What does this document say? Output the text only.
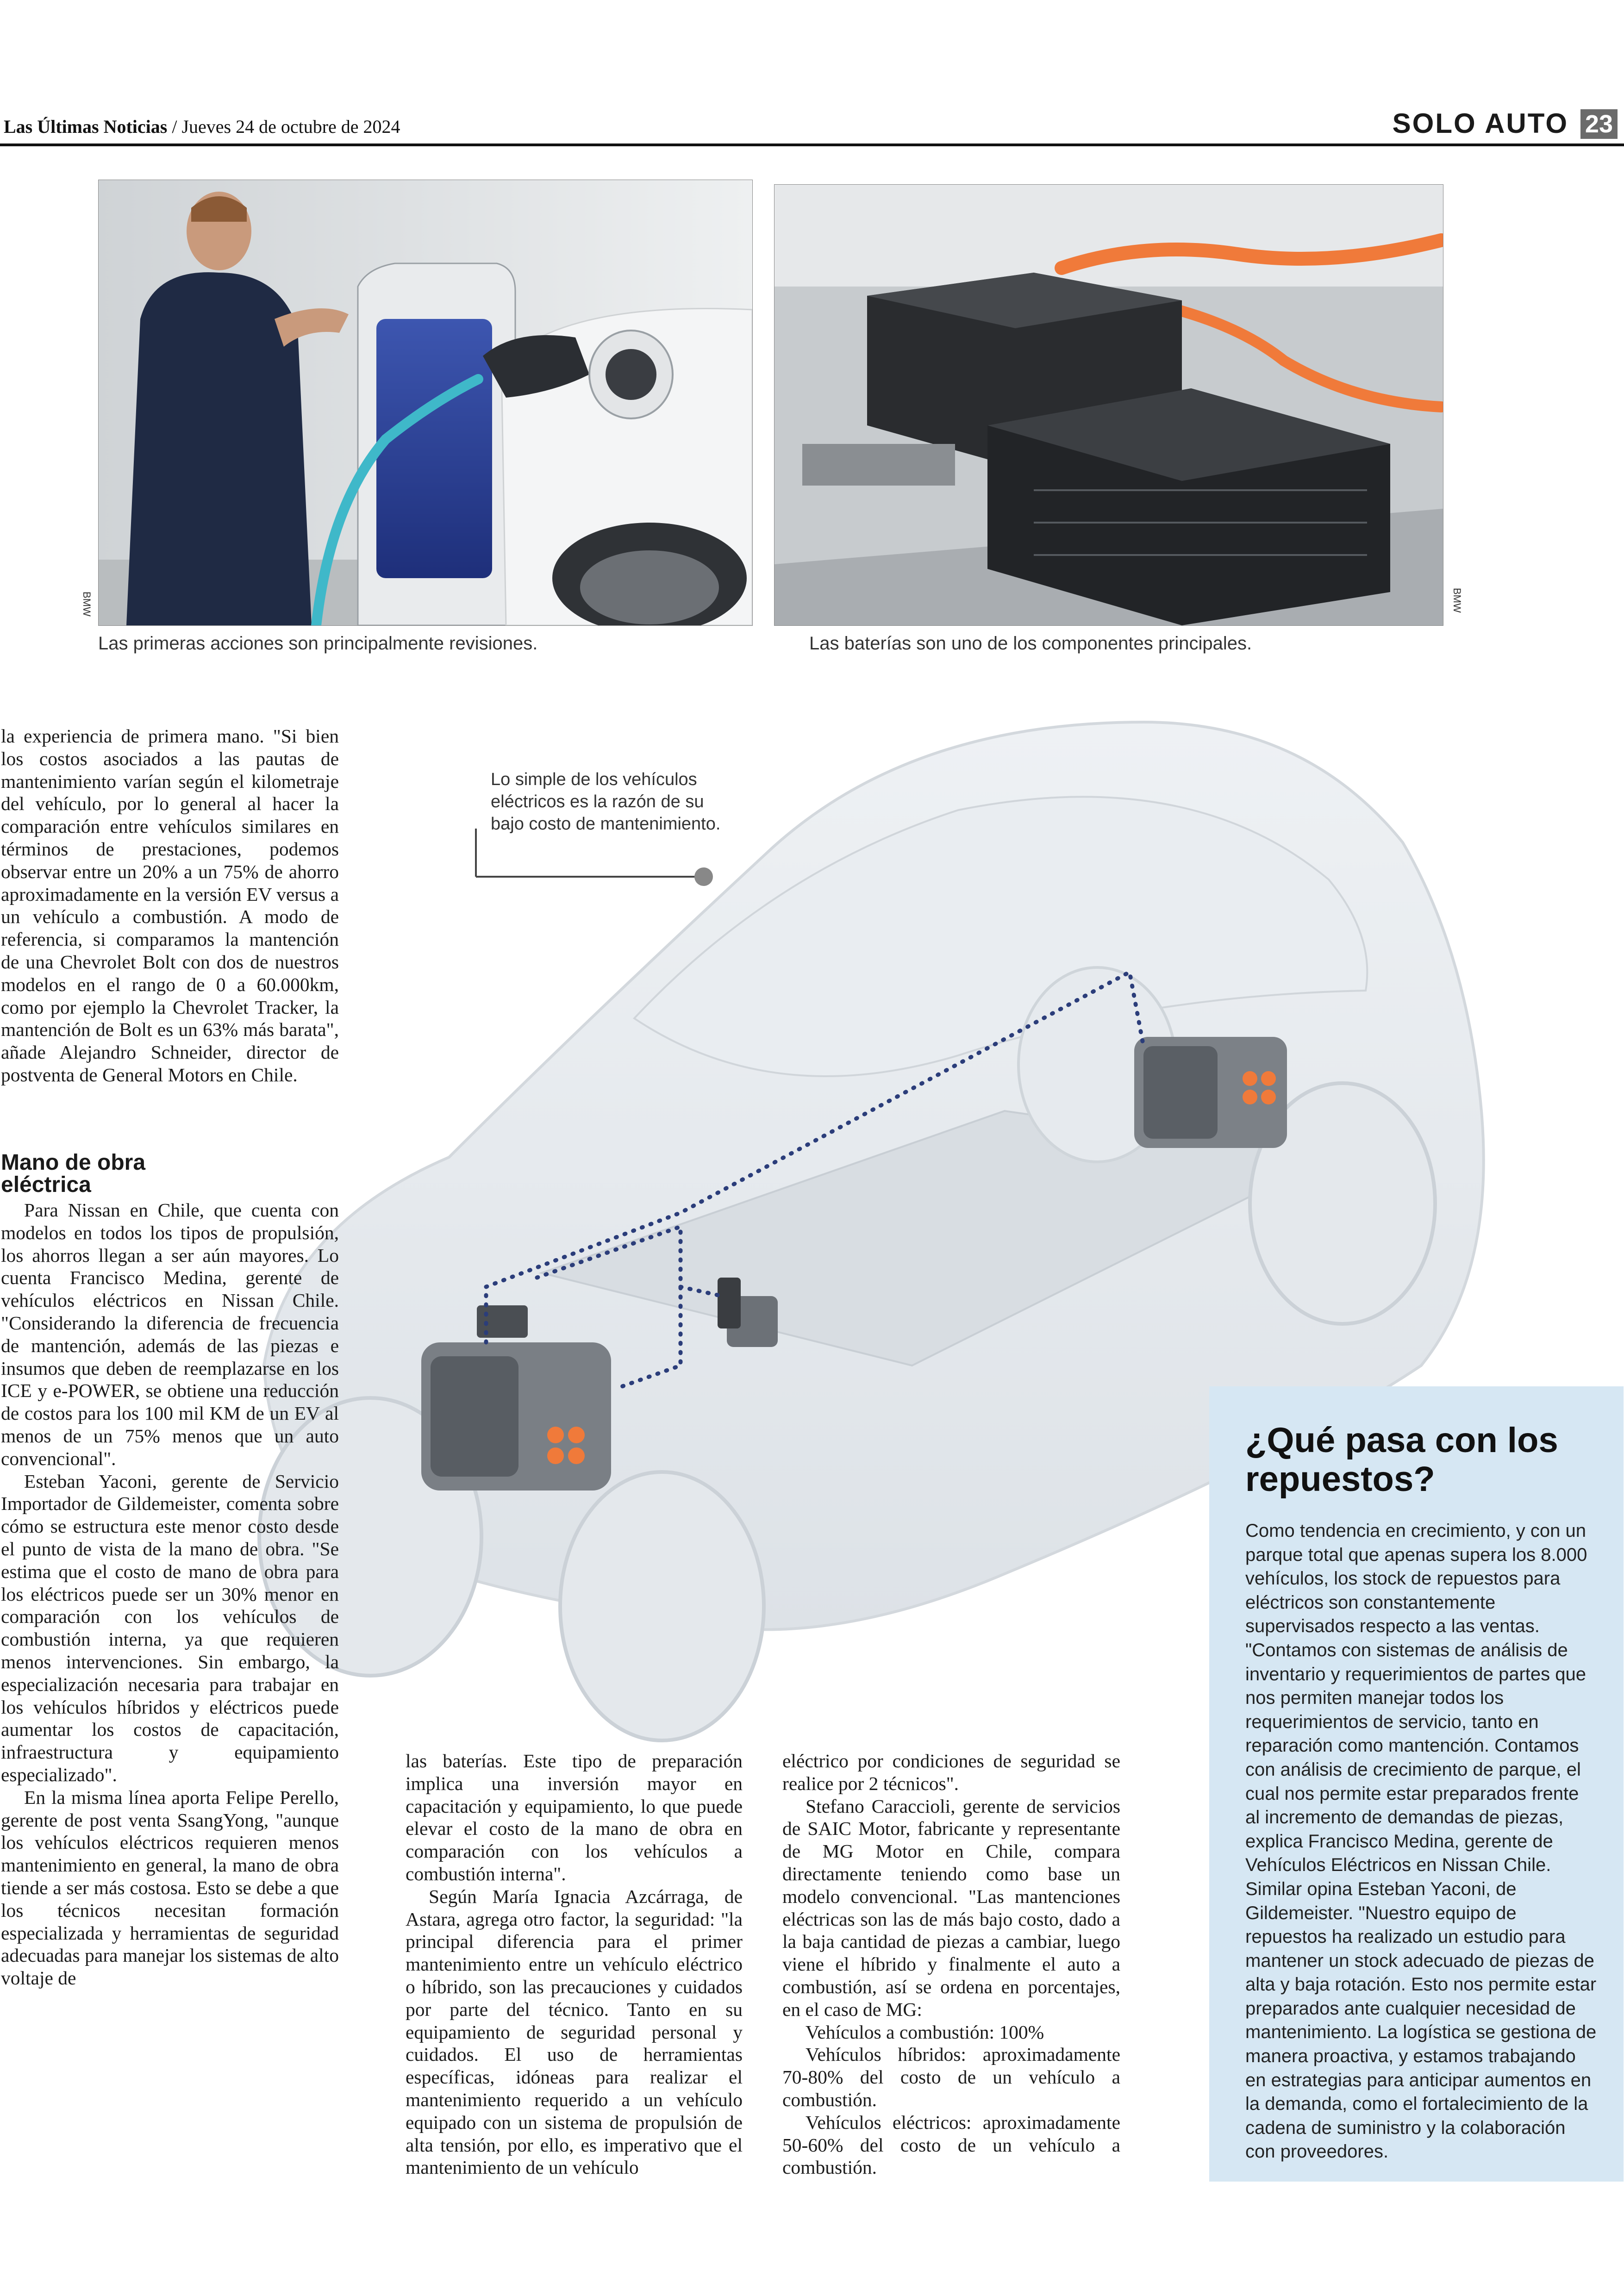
Las Últimas Noticias / Jueves 24 de octubre de 2024	SOLO AUTO 23
BMW
Las primeras acciones son principalmente revisiones.
BMW
Las baterías son uno de los componentes principales.
Lo simple de los vehículos eléctricos es la razón de su bajo costo de mantenimiento.

la experiencia de primera mano. "Si bien los costos asociados a las pautas de mantenimiento varían según el kilometraje del vehículo, por lo general al hacer la comparación entre vehículos similares en términos de prestaciones, podemos observar entre un 20% a un 75% de ahorro aproximadamente en la versión EV versus a un vehículo a combustión. A modo de referencia, si comparamos la mantención de una Chevrolet Bolt con dos de nuestros modelos en el rango de 0 a 60.000km, como por ejemplo la Chevrolet Tracker, la mantención de Bolt es un 63% más barata", añade Alejandro Schneider, director de postventa de General Motors en Chile.

Mano de obra eléctrica

Para Nissan en Chile, que cuenta con modelos en todos los tipos de propulsión, los ahorros llegan a ser aún mayores. Lo cuenta Francisco Medina, gerente de vehículos eléctricos en Nissan Chile. "Considerando la diferencia de frecuencia de mantención, además de las piezas e insumos que deben de reemplazarse en los ICE y e-POWER, se obtiene una reducción de costos para los 100 mil KM de un EV al menos de un 75% menos que un auto convencional".

Esteban Yaconi, gerente de Servicio Importador de Gildemeister, comenta sobre cómo se estructura este menor costo desde el punto de vista de la mano de obra. "Se estima que el costo de mano de obra para los eléctricos puede ser un 30% menor en comparación con los vehículos de combustión interna, ya que requieren menos intervenciones. Sin embargo, la especialización necesaria para trabajar en los vehículos híbridos y eléctricos puede aumentar los costos de capacitación, infraestructura y equipamiento especializado".

En la misma línea aporta Felipe Perello, gerente de post venta SsangYong, "aunque los vehículos eléctricos requieren menos mantenimiento en general, la mano de obra tiende a ser más costosa. Esto se debe a que los técnicos necesitan formación especializada y herramientas de seguridad adecuadas para manejar los sistemas de alto voltaje de

las baterías. Este tipo de preparación implica una inversión mayor en capacitación y equipamiento, lo que puede elevar el costo de la mano de obra en comparación con los vehículos a combustión interna".

Según María Ignacia Azcárraga, de Astara, agrega otro factor, la seguridad: "la principal diferencia para el primer mantenimiento entre un vehículo eléctrico o híbrido, son las precauciones y cuidados por parte del técnico. Tanto en su equipamiento de seguridad personal y cuidados. El uso de herramientas específicas, idóneas para realizar el mantenimiento requerido a un vehículo equipado con un sistema de propulsión de alta tensión, por ello, es imperativo que el mantenimiento de un vehículo

eléctrico por condiciones de seguridad se realice por 2 técnicos".

Stefano Caraccioli, gerente de servicios de SAIC Motor, fabricante y representante de MG Motor en Chile, compara directamente teniendo como base un modelo convencional. "Las mantenciones eléctricas son las de más bajo costo, dado a la baja cantidad de piezas a cambiar, luego viene el híbrido y finalmente el auto a combustión, así se ordena en porcentajes, en el caso de MG:

Vehículos a combustión: 100%

Vehículos híbridos: aproximadamente 70-80% del costo de un vehículo a combustión.

Vehículos eléctricos: aproximadamente 50-60% del costo de un vehículo a combustión.

¿Qué pasa con los repuestos?

Como tendencia en crecimiento, y con un parque total que apenas supera los 8.000 vehículos, los stock de repuestos para eléctricos son constantemente supervisados respecto a las ventas. "Contamos con sistemas de análisis de inventario y requerimientos de partes que nos permiten manejar todos los requerimientos de servicio, tanto en reparación como mantención. Contamos con análisis de crecimiento de parque, el cual nos permite estar preparados frente al incremento de demandas de piezas, explica Francisco Medina, gerente de Vehículos Eléctricos en Nissan Chile.

Similar opina Esteban Yaconi, de Gildemeister. "Nuestro equipo de repuestos ha realizado un estudio para mantener un stock adecuado de piezas de alta y baja rotación. Esto nos permite estar preparados ante cualquier necesidad de mantenimiento. La logística se gestiona de manera proactiva, y estamos trabajando en estrategias para anticipar aumentos en la demanda, como el fortalecimiento de la cadena de suministro y la colaboración con proveedores.
